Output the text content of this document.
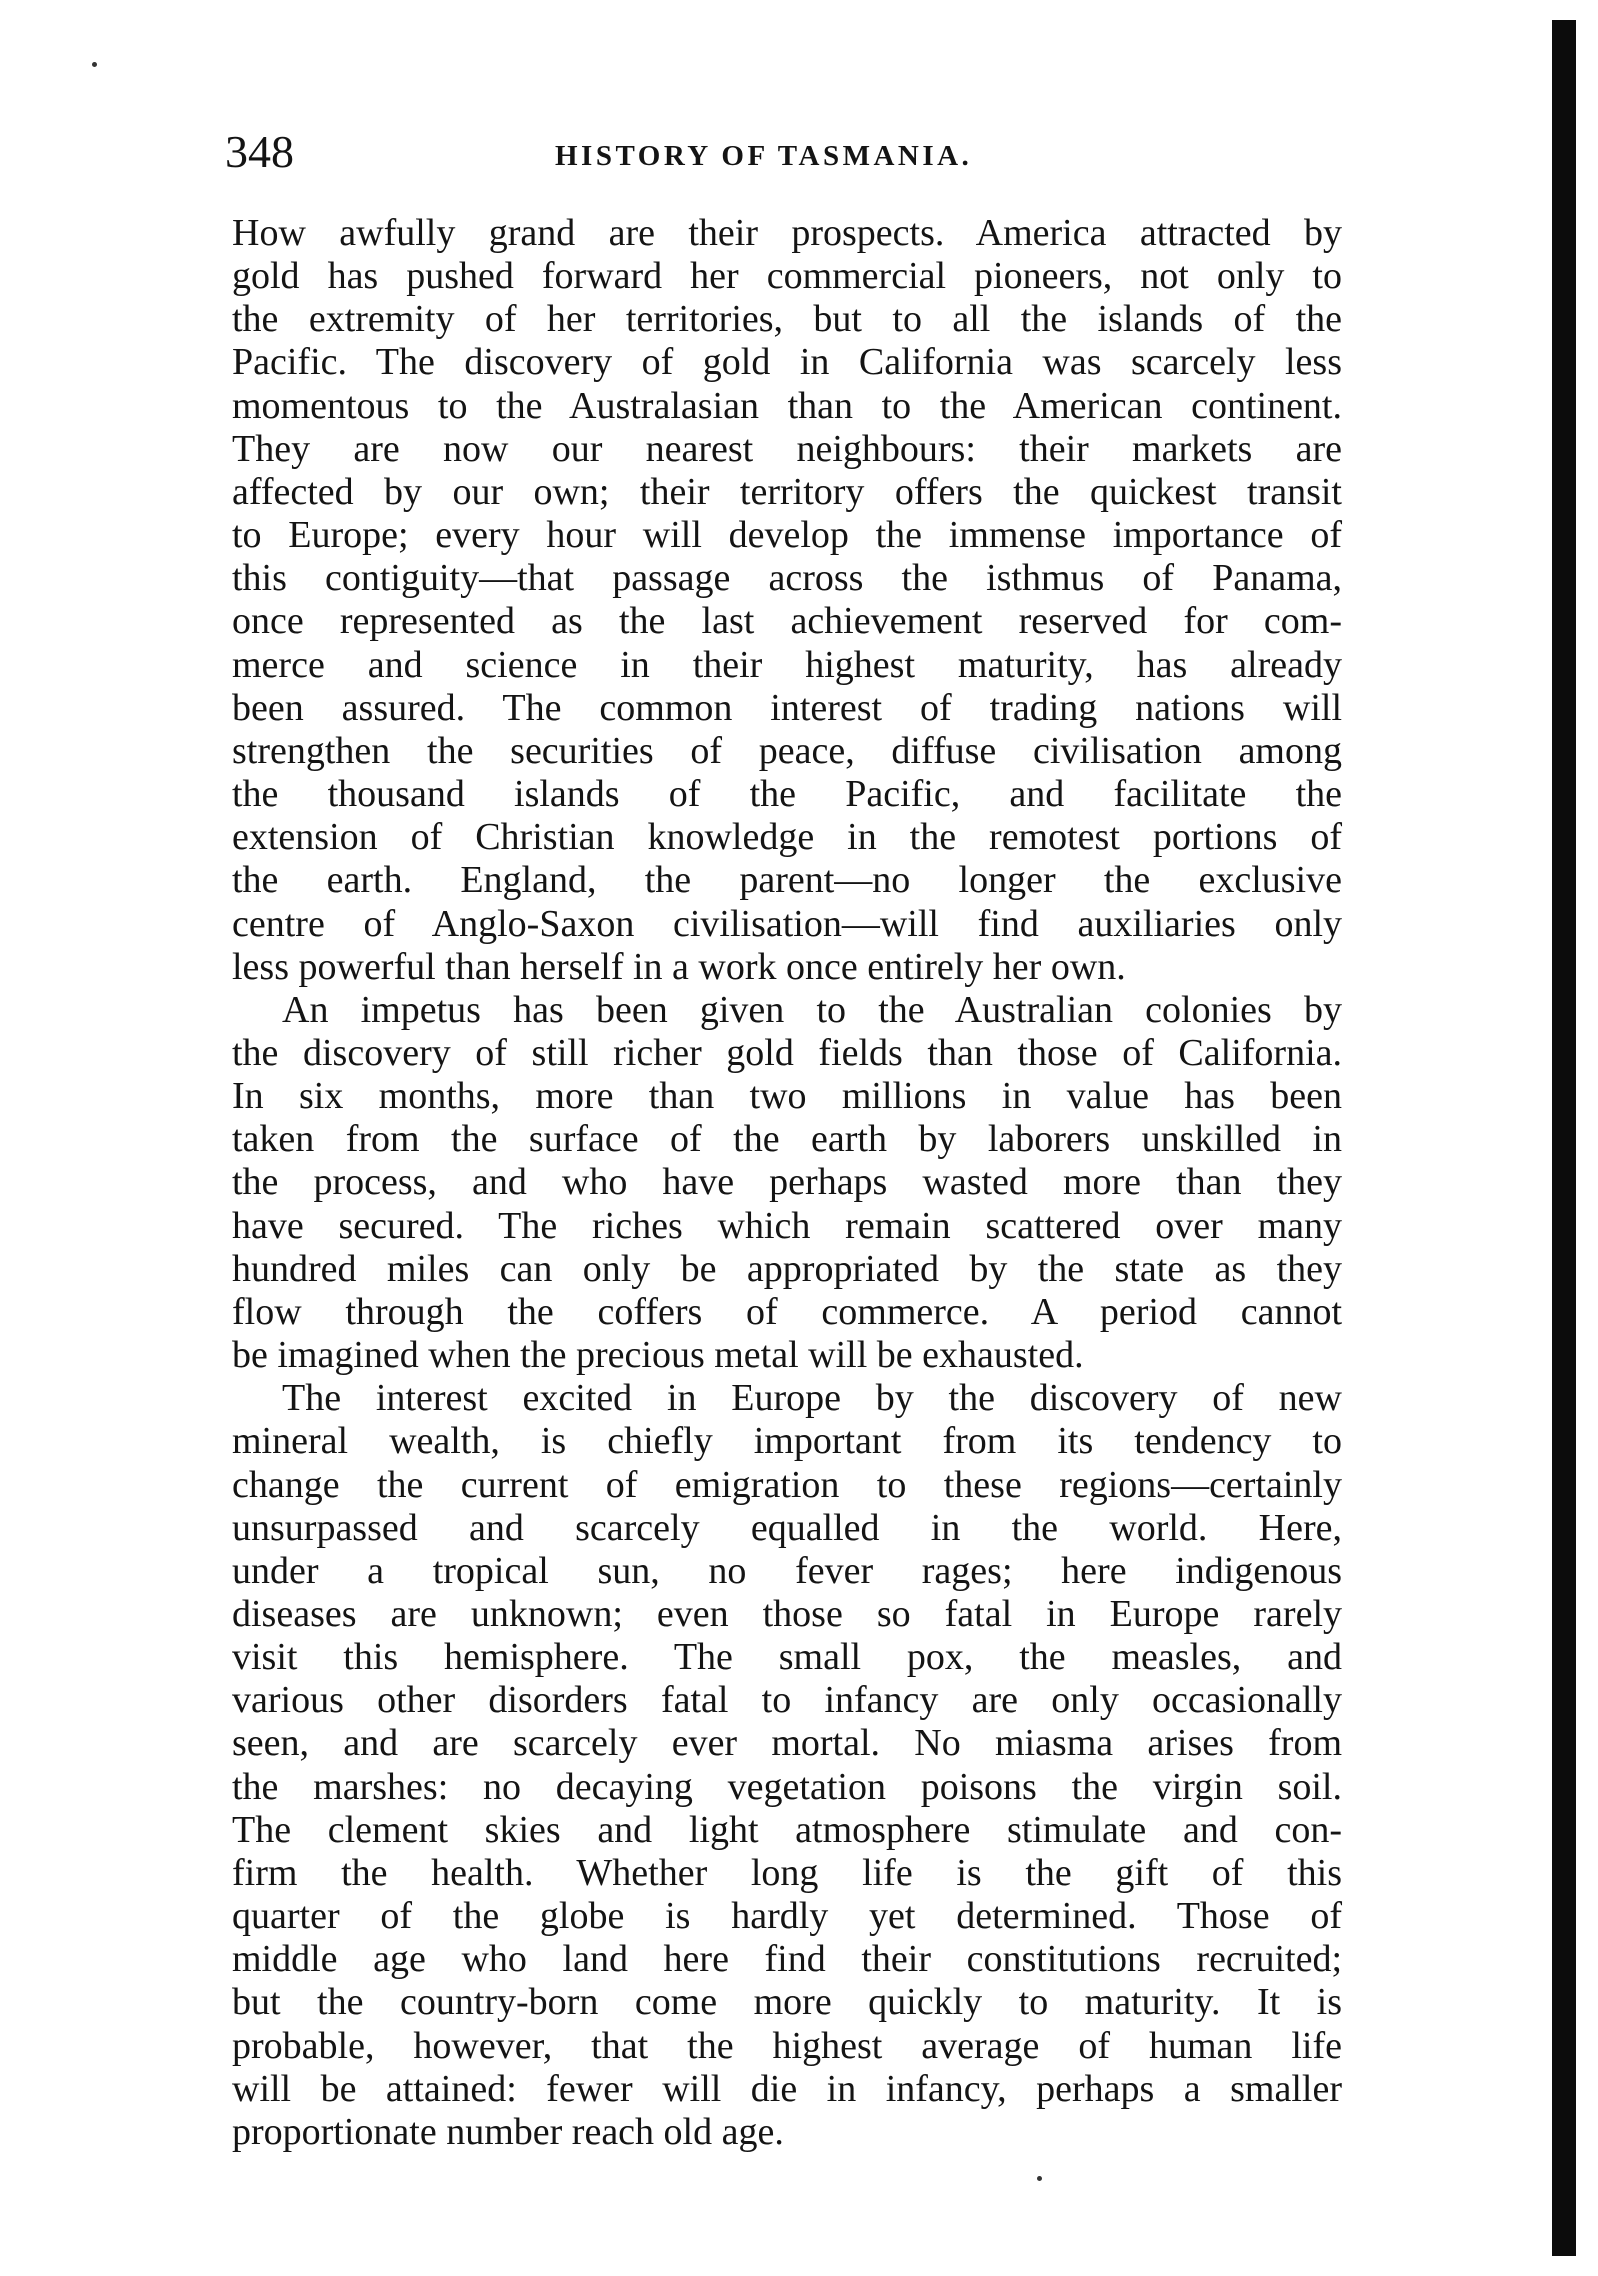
348	HISTORY OF TASMANIA.
How awfully grand are their prospects. America attracted by
gold has pushed forward her commercial pioneers, not only to
the extremity of her territories, but to all the islands of the
Pacific. The discovery of gold in California was scarcely less
momentous to the Australasian than to the American continent.
They are now our nearest neighbours: their markets are
affected by our own; their territory offers the quickest transit
to Europe; every hour will develop the immense importance of
this contiguity—that passage across the isthmus of Panama,
once represented as the last achievement reserved for com-
merce and science in their highest maturity, has already
been assured. The common interest of trading nations will
strengthen the securities of peace, diffuse civilisation among
the thousand islands of the Pacific, and facilitate the
extension of Christian knowledge in the remotest portions of
the earth. England, the parent—no longer the exclusive
centre of Anglo-Saxon civilisation—will find auxiliaries only
less powerful than herself in a work once entirely her own.
An impetus has been given to the Australian colonies by
the discovery of still richer gold fields than those of California.
In six months, more than two millions in value has been
taken from the surface of the earth by laborers unskilled in
the process, and who have perhaps wasted more than they
have secured. The riches which remain scattered over many
hundred miles can only be appropriated by the state as they
flow through the coffers of commerce. A period cannot
be imagined when the precious metal will be exhausted.
The interest excited in Europe by the discovery of new
mineral wealth, is chiefly important from its tendency to
change the current of emigration to these regions—certainly
unsurpassed and scarcely equalled in the world. Here,
under a tropical sun, no fever rages; here indigenous
diseases are unknown; even those so fatal in Europe rarely
visit this hemisphere. The small pox, the measles, and
various other disorders fatal to infancy are only occasionally
seen, and are scarcely ever mortal. No miasma arises from
the marshes: no decaying vegetation poisons the virgin soil.
The clement skies and light atmosphere stimulate and con-
firm the health. Whether long life is the gift of this
quarter of the globe is hardly yet determined. Those of
middle age who land here find their constitutions recruited;
but the country-born come more quickly to maturity. It is
probable, however, that the highest average of human life
will be attained: fewer will die in infancy, perhaps a smaller
proportionate number reach old age.
